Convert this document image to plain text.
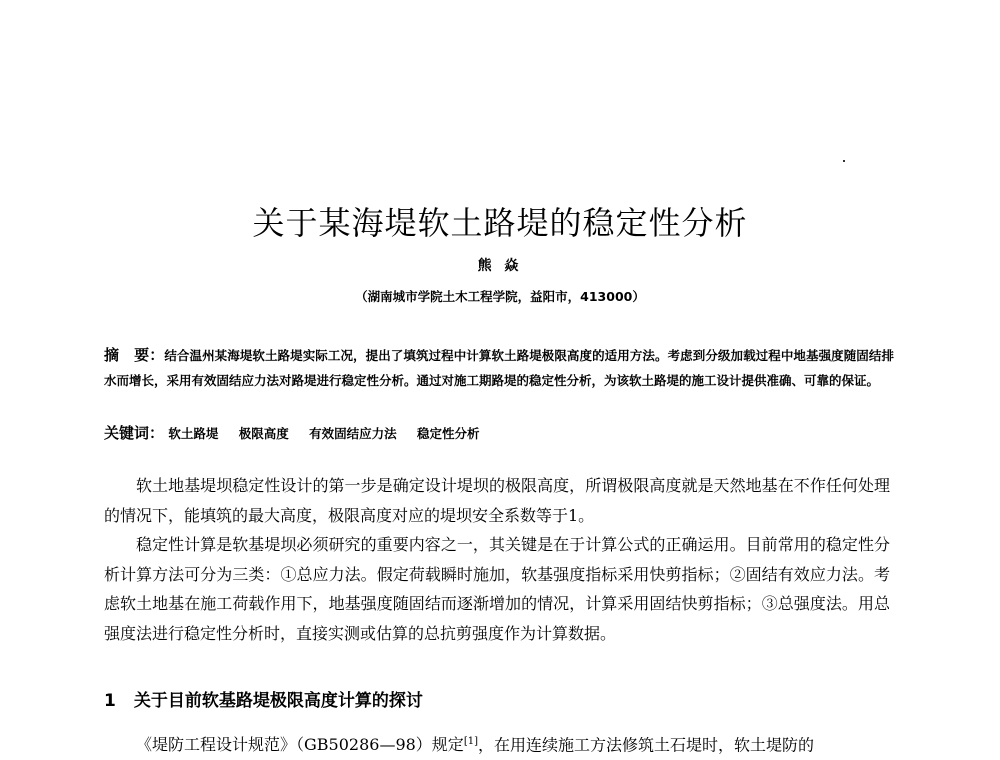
关于某海堤软土路堤的稳定性分析
熊 焱
（湖南城市学院土木工程学院，益阳市，413000）
摘　要：结合温州某海堤软土路堤实际工况，提出了填筑过程中计算软土路堤极限高度的适用方法。考虑到分级加载过程中地基强度随固结排水而增长，采用有效固结应力法对路堤进行稳定性分析。通过对施工期路堤的稳定性分析，为该软土路堤的施工设计提供准确、可靠的保证。
关键词： 软土路堤 极限高度 有效固结应力法 稳定性分析

软土地基堤坝稳定性设计的第一步是确定设计堤坝的极限高度，所谓极限高度就是天然地基在不作任何处理的情况下，能填筑的最大高度，极限高度对应的堤坝安全系数等于1。

稳定性计算是软基堤坝必须研究的重要内容之一，其关键是在于计算公式的正确运用。目前常用的稳定性分析计算方法可分为三类：①总应力法。假定荷载瞬时施加，软基强度指标采用快剪指标；②固结有效应力法。考虑软土地基在施工荷载作用下，地基强度随固结而逐渐增加的情况，计算采用固结快剪指标；③总强度法。用总强度法进行稳定性分析时，直接实测或估算的总抗剪强度作为计算数据。

1 关于目前软基路堤极限高度计算的探讨
《堤防工程设计规范》（GB50286—98）规定[1]，在用连续施工方法修筑土石堤时，软土堤防的
